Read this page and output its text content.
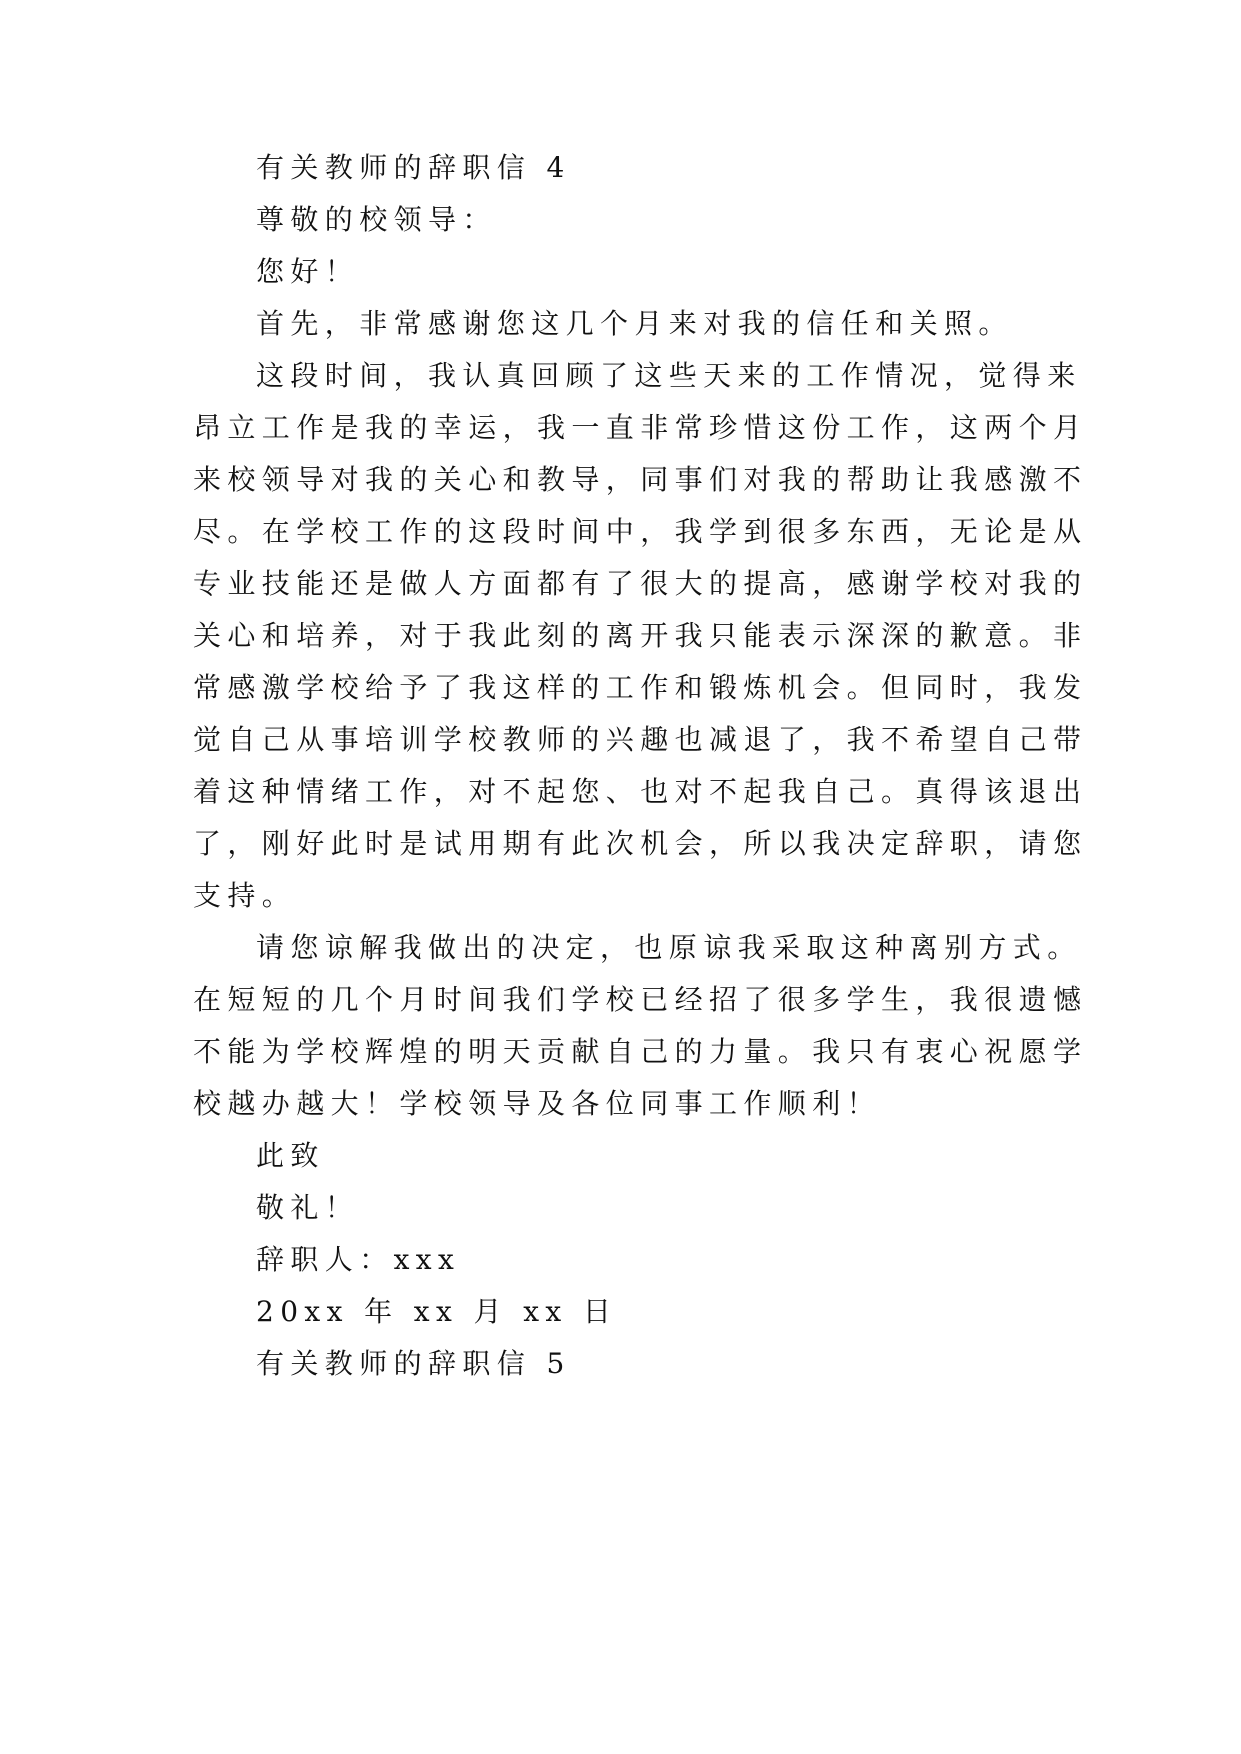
有关教师的辞职信 4
尊敬的校领导：
您好！
首先，非常感谢您这几个月来对我的信任和关照。
这段时间，我认真回顾了这些天来的工作情况，觉得来
昂立工作是我的幸运，我一直非常珍惜这份工作，这两个月
来校领导对我的关心和教导，同事们对我的帮助让我感激不
尽。在学校工作的这段时间中，我学到很多东西，无论是从
专业技能还是做人方面都有了很大的提高，感谢学校对我的
关心和培养，对于我此刻的离开我只能表示深深的歉意。非
常感激学校给予了我这样的工作和锻炼机会。但同时，我发
觉自己从事培训学校教师的兴趣也减退了，我不希望自己带
着这种情绪工作，对不起您、也对不起我自己。真得该退出
了，刚好此时是试用期有此次机会，所以我决定辞职，请您
支持。
请您谅解我做出的决定，也原谅我采取这种离别方式。
在短短的几个月时间我们学校已经招了很多学生，我很遗憾
不能为学校辉煌的明天贡献自己的力量。我只有衷心祝愿学
校越办越大！学校领导及各位同事工作顺利！
此致
敬礼！
辞职人：xxx
20xx 年 xx 月 xx 日
有关教师的辞职信 5
